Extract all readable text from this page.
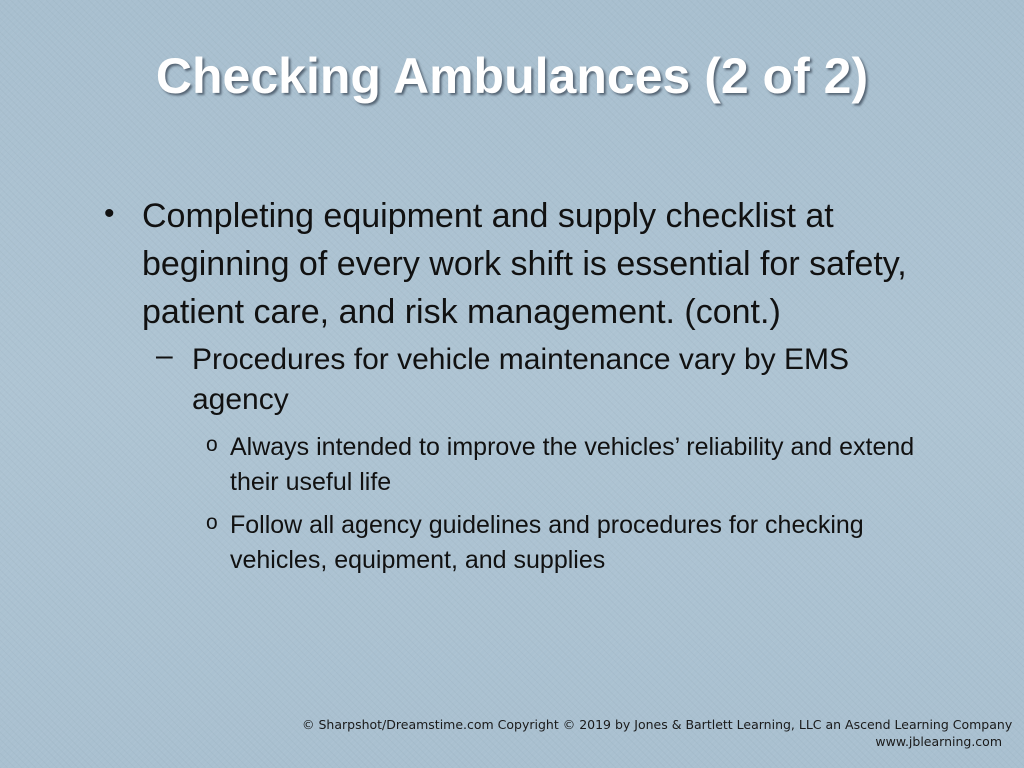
Checking Ambulances (2 of 2)
• Completing equipment and supply checklist at beginning of every work shift is essential for safety, patient care, and risk management. (cont.)
– Procedures for vehicle maintenance vary by EMS agency
o Always intended to improve the vehicles’ reliability and extend their useful life
o Follow all agency guidelines and procedures for checking vehicles, equipment, and supplies
© Sharpshot/Dreamstime.com Copyright © 2019 by Jones & Bartlett Learning, LLC an Ascend Learning Company
www.jblearning.com
